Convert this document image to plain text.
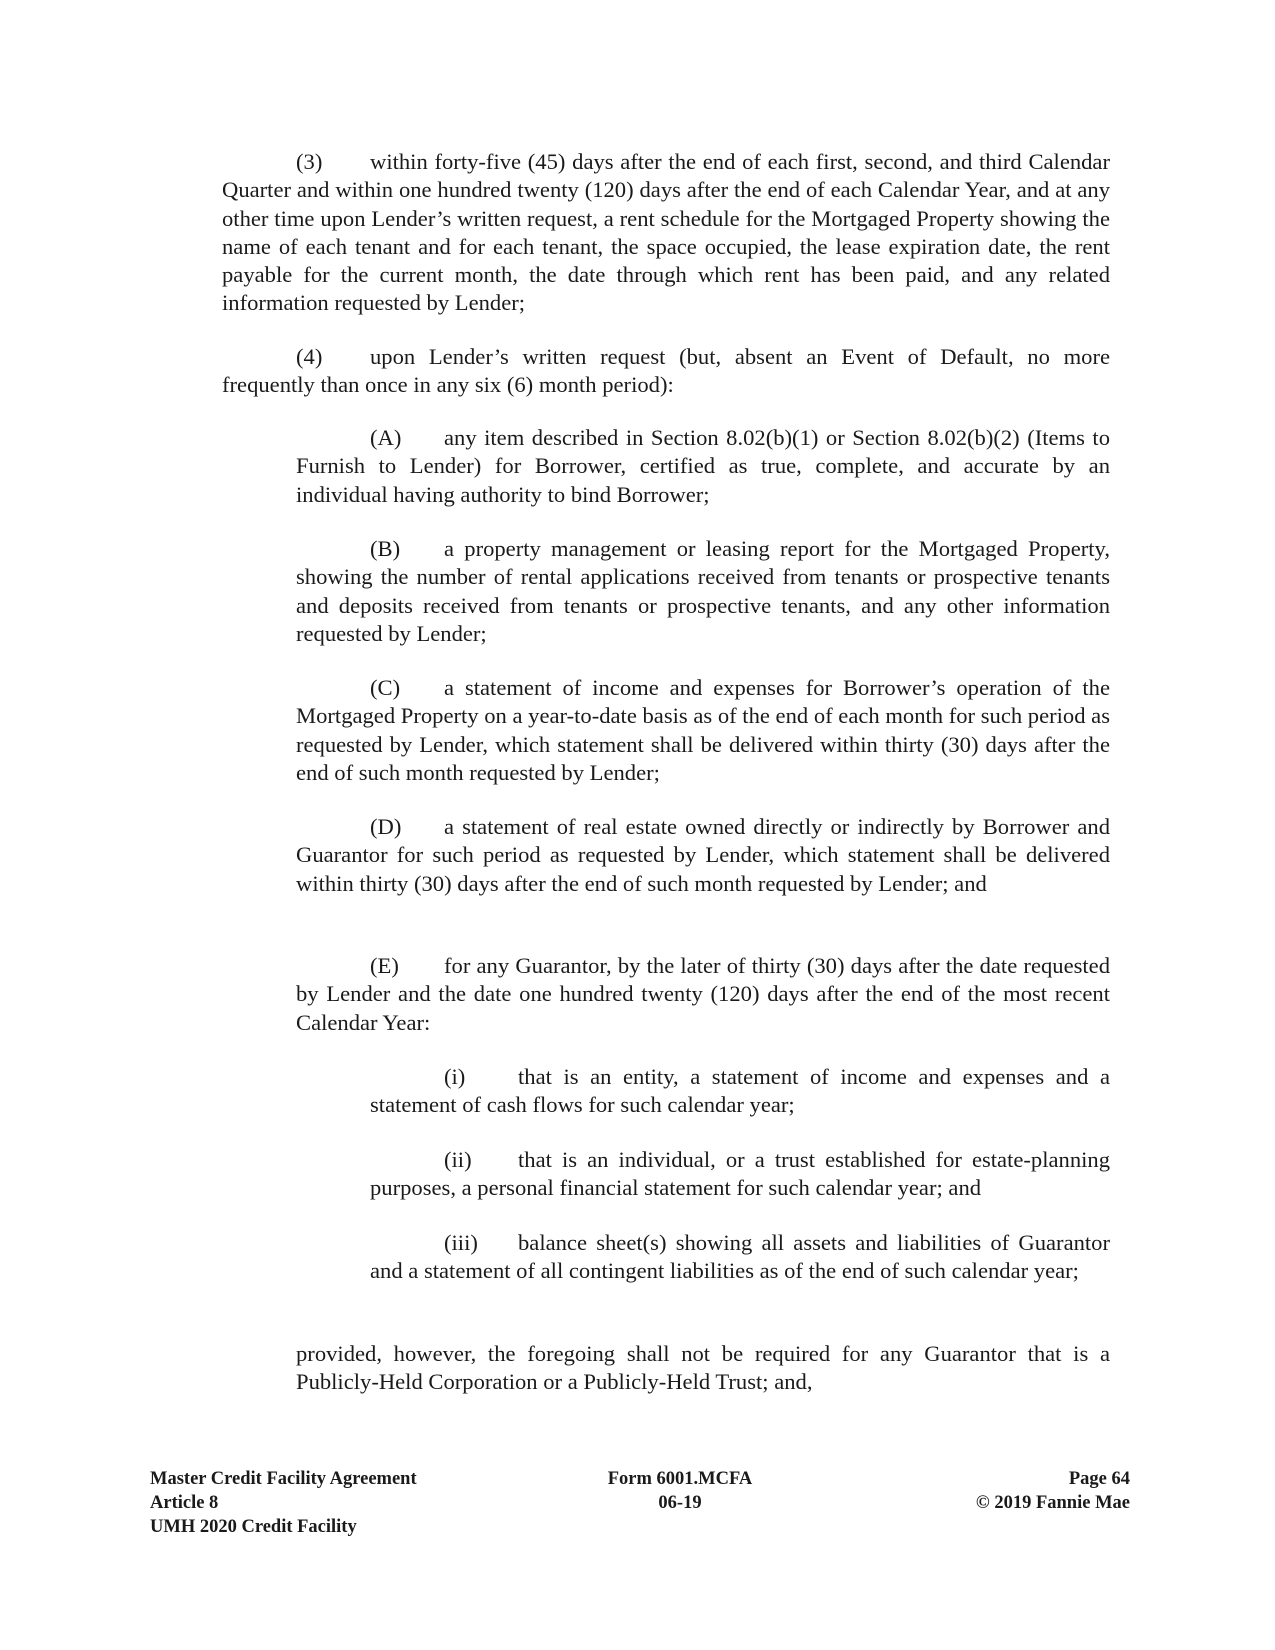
(3) within forty-five (45) days after the end of each first, second, and third Calendar Quarter and within one hundred twenty (120) days after the end of each Calendar Year, and at any other time upon Lender’s written request, a rent schedule for the Mortgaged Property showing the name of each tenant and for each tenant, the space occupied, the lease expiration date, the rent payable for the current month, the date through which rent has been paid, and any related information requested by Lender;

(4) upon Lender’s written request (but, absent an Event of Default, no more frequently than once in any six (6) month period):

(A) any item described in Section 8.02(b)(1) or Section 8.02(b)(2) (Items to Furnish to Lender) for Borrower, certified as true, complete, and accurate by an individual having authority to bind Borrower;

(B) a property management or leasing report for the Mortgaged Property, showing the number of rental applications received from tenants or prospective tenants and deposits received from tenants or prospective tenants, and any other information requested by Lender;

(C) a statement of income and expenses for Borrower’s operation of the Mortgaged Property on a year-to-date basis as of the end of each month for such period as requested by Lender, which statement shall be delivered within thirty (30) days after the end of such month requested by Lender;

(D) a statement of real estate owned directly or indirectly by Borrower and Guarantor for such period as requested by Lender, which statement shall be delivered within thirty (30) days after the end of such month requested by Lender; and

(E) for any Guarantor, by the later of thirty (30) days after the date requested by Lender and the date one hundred twenty (120) days after the end of the most recent Calendar Year:

(i) that is an entity, a statement of income and expenses and a statement of cash flows for such calendar year;

(ii) that is an individual, or a trust established for estate-planning purposes, a personal financial statement for such calendar year; and

(iii) balance sheet(s) showing all assets and liabilities of Guarantor and a statement of all contingent liabilities as of the end of such calendar year;

provided, however, the foregoing shall not be required for any Guarantor that is a Publicly-Held Corporation or a Publicly-Held Trust; and,

Master Credit Facility Agreement
Article 8
UMH 2020 Credit Facility
Form 6001.MCFA
06-19
Page 64
© 2019 Fannie Mae
